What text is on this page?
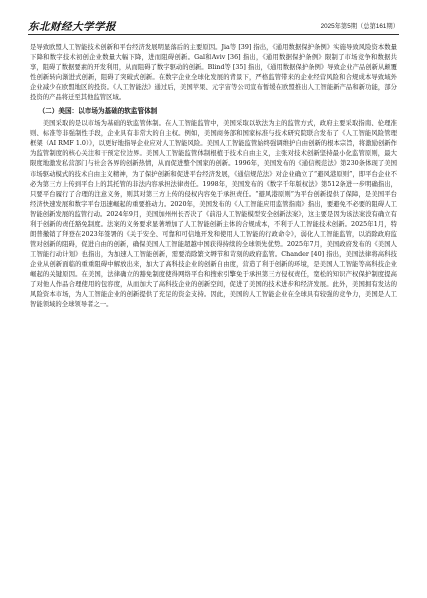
东北财经大学学报	2025年第5期（总第161期）

是导致欧盟人工智能技术创新和平台经济发展明显落后的主要原因。Jia等 [39] 指出，《通用数据保护条例》实施导致风险资本数量下降和数字技术初创企业数量大幅下降，进而阻碍创新。Gal和Aviv [36] 指出，《通用数据保护条例》限制了市场竞争和数据共享，阻碍了数据要素的开发利用，从而阻碍了数字驱动的创新。Blind等 [35] 指出，《通用数据保护条例》导致企业产品创新从颠覆性创新转向渐进式创新，阻碍了突破式创新。在数字企业全球化发展的背景下，严格监管带来的企业经营风险和合规成本导致域外企业减少在欧盟地区的投资。《人工智能法》通过后，美国苹果、元宇宙等公司宣布暂缓在欧盟推出人工智能新产品和新功能，部分投资的产品将迁至其他监管区域。

（二）美国：以市场为基础的软监管体制

美国采取的是以市场为基础的软监管体制。在人工智能监管中，美国采取以软法为主的监管方式，政府主要采取指南、伦理准则、标准等非强制性手段，企业具有非常大的自主权。例如，美国商务部和国家标准与技术研究院联合发布了《人工智能风险管理框架（AI RMF 1.0）》，以更好地指导企业应对人工智能风险。美国人工智能监管始终强调维护自由创新的根本宗旨，将激励创新作为监管制度的核心关注和干预定位边界。美国人工智能监管体制根植于技术自由主义，主张对技术创新坚持最小化监管原则，最大限度地激发私营部门与社会各界的创新热情，从而促进整个国家的创新。1996年，美国发布的《通信规范法》第230条体现了美国市场驱动模式的技术自由主义精神，为了保护创新和促进平台经济发展，《通信规范法》对企业确立了“避风港原则”，即平台企业不必为第三方上传到平台上的其托管的非法内容承担法律责任。1998年，美国发布的《数字千年版权法》第512条进一步明确指出，只要平台履行了合理的注意义务，则其对第三方上传的侵权内容免于承担责任。“避风港原则”为平台创新提供了保障，是美国平台经济快速发展和数字平台迅速崛起的重要推动力。2020年，美国发布的《人工智能应用监管指南》指出，要避免不必要的阻碍人工智能创新发展的监管行动。2024年9月，美国加州州长否决了《前沿人工智能模型安全创新法案》，这主要是因为该法案没有确立有利于创新的责任豁免制度。法案的义务要求显著增加了人工智能创新主体的合规成本，不利于人工智能技术创新。2025年1月，特朗普撤销了拜登在2023年签署的《关于安全、可靠和可信地开发和使用人工智能的行政命令》，弱化人工智能监管，以消除政府监管对创新的阻碍，促进自由的创新，确保美国人工智能超越中国获得持续的全球领先优势。2025年7月，美国政府发布的《美国人工智能行动计划》也指出，为加速人工智能创新，需要消除繁文缛节和苛刻的政府监管。Chander [40] 指出，美国法律将高科技企业从创新面临的重重阻碍中解放出来，加大了高科技企业的创新自由度，营造了利于创新的环境，是美国人工智能等高科技企业崛起的关键原因。在美国，法律确立的豁免制度使得网络平台和搜索引擎免于承担第三方侵权责任，宽松的知识产权保护制度提高了对他人作品合理使用的包容度，从而加大了高科技企业的创新空间，促进了美国的技术进步和经济发展。此外，美国拥有发达的风险资本市场，为人工智能企业的创新提供了充足的资金支持。因此，美国的人工智能企业在全球具有较强的竞争力，美国是人工智能领域的全球领导者之一。
